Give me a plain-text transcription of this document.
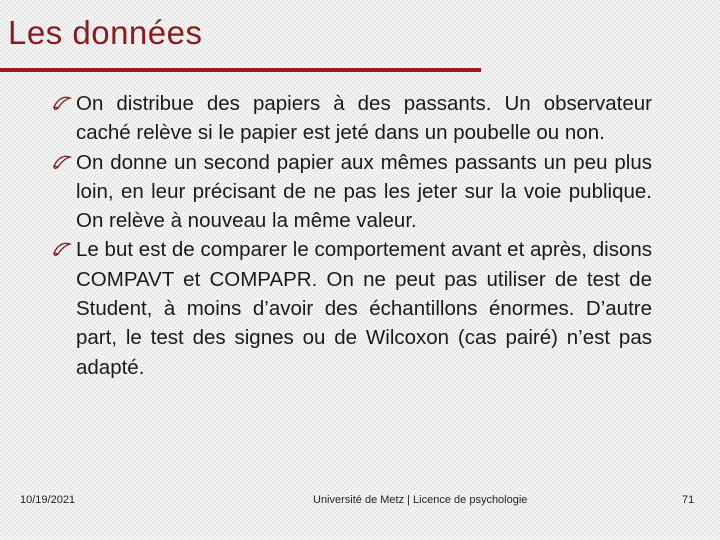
Les données
On distribue des papiers à des passants. Un observateur caché relève si le papier est jeté dans un poubelle ou non.
On donne un second papier aux mêmes passants un peu plus loin, en leur précisant de ne pas les jeter sur la voie publique. On relève à nouveau la même valeur.
Le but est de comparer le comportement avant et après, disons COMPAVT et COMPAPR. On ne peut pas utiliser de test de Student, à moins d’avoir des échantillons énormes. D’autre part, le test des signes ou de Wilcoxon (cas pairé) n’est pas adapté.
10/19/2021	Université de Metz | Licence de psychologie	71
